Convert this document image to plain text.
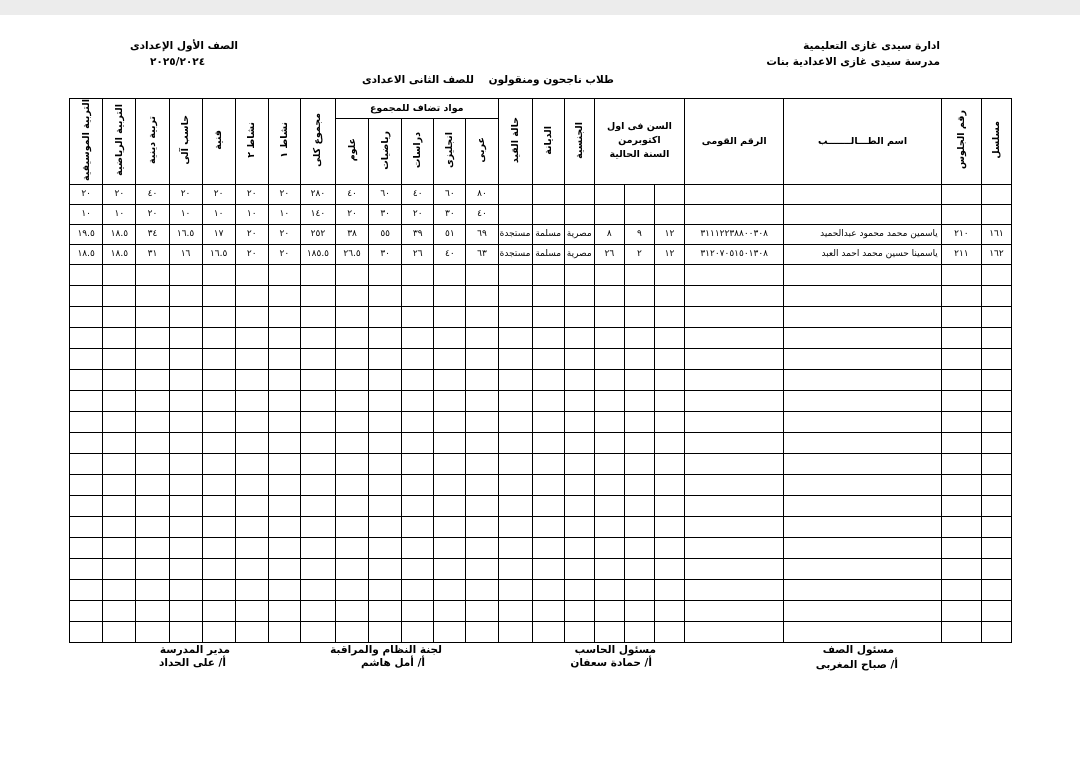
ادارة سيدى غازى التعليمية
مدرسة سيدى غازى الاعدادية بنات
الصف الأول الإعدادى
٢٠٢٥/٢٠٢٤
طلاب ناجحون ومنقولون    للصف الثانى الاعدادى
مسلسل	رقم الجلوس	اسم الطـــالـــــــب	الرقم القومى	السن فى اول اكتوبرمن السنة الحالية			الجنسية	الديانة	حالة القيد	مواد تضاف للمجموع					مجموع كلى	نشاط ١	نشاط ٢	فنية	حاسب آلى	تربية دينية	التربية الرياضية	التربية الموسيقية
										عربى	انجليزى	دراسات	رياضيات	علوم								
										٨٠	٦٠	٤٠	٦٠	٤٠	٢٨٠	٢٠	٢٠	٢٠	٢٠	٤٠	٢٠	٢٠
										٤٠	٣٠	٢٠	٣٠	٢٠	١٤٠	١٠	١٠	١٠	١٠	٢٠	١٠	١٠
١٦١	٢١٠	ياسمين محمد محمود عبدالحميد	٣١١١٢٢٣٨٨٠٠٣٠٨	١٢	٩	٨	مصرية	مسلمة	مستجدة	٦٩	٥١	٣٩	٥٥	٣٨	٢٥٢	٢٠	٢٠	١٧	١٦.٥	٣٤	١٨.٥	١٩.٥
١٦٢	٢١١	ياسمينا حسين محمد احمد العبد	٣١٢٠٧٠٥١٥٠١٣٠٨	١٢	٢	٢٦	مصرية	مسلمة	مستجدة	٦٣	٤٠	٢٦	٣٠	٢٦.٥	١٨٥.٥	٢٠	٢٠	١٦.٥	١٦	٣١	١٨.٥	١٨.٥

مسئول الصف
أ/ صباح المغربى
مسئول الحاسب
أ/ حمادة سعفان
لجنة النظام والمراقبة
أ/ أمل هاشم
مدير المدرسة
أ/ على الحداد
